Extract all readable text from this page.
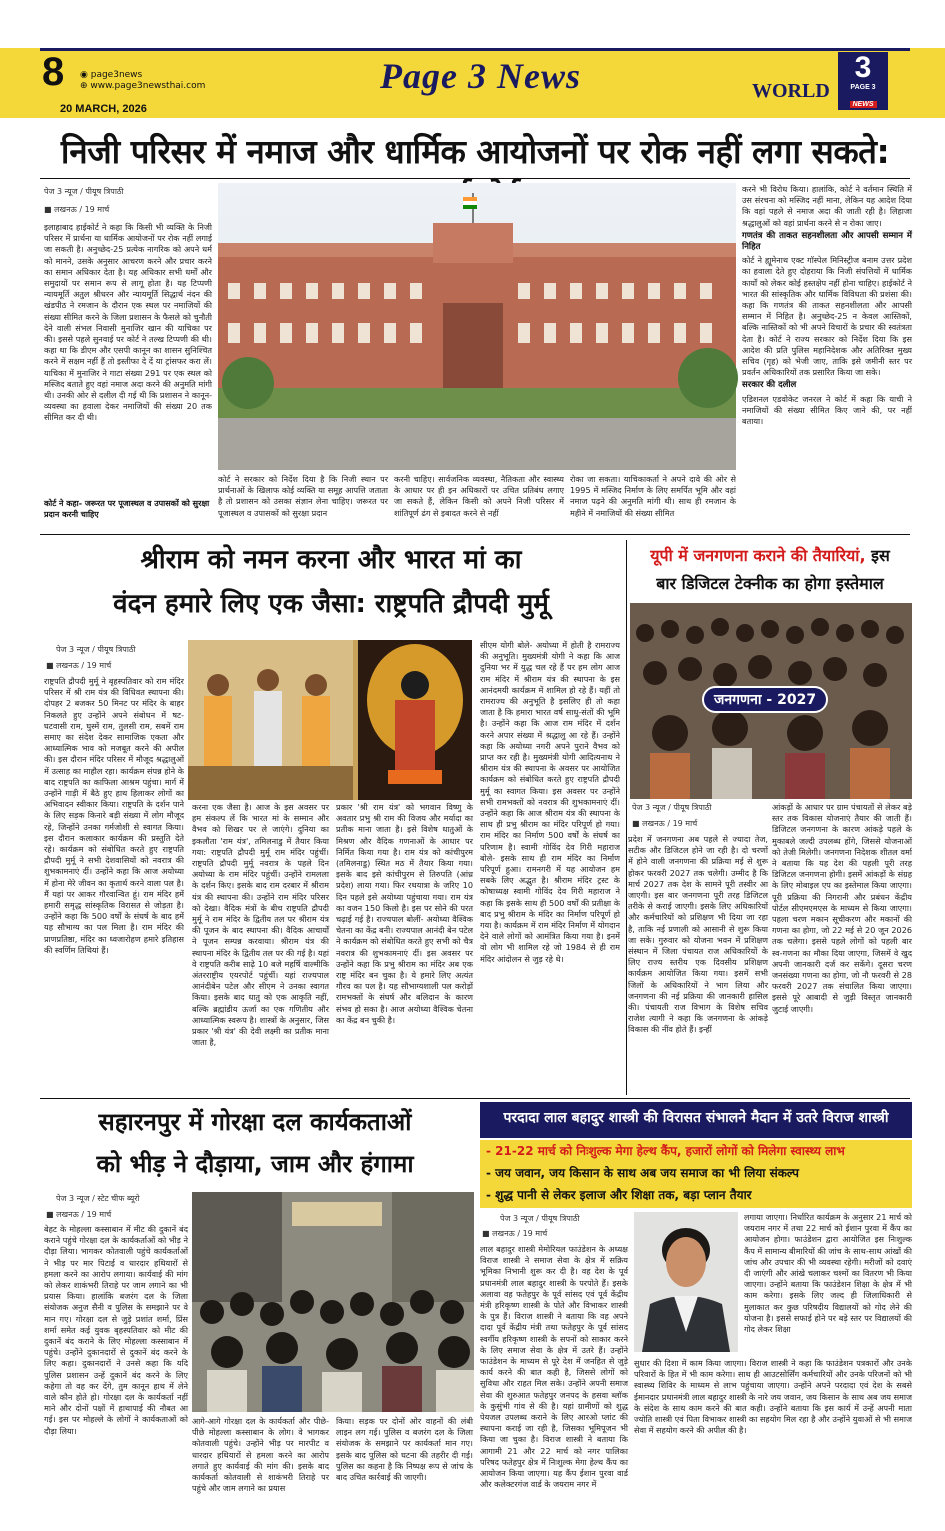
8 ◉ page3news
⊕ www.page3newsthai.com
20 MARCH, 2026
Page 3 News	WORLD
3
PAGE 3
NEWS
निजी परिसर में नमाज और धार्मिक आयोजनों पर रोक नहीं लगा सकते:
पेज 3 न्यूज / पीयूष त्रिपाठी
■ लखनऊ / 19 मार्च

इलाहाबाद हाईकोर्ट ने कहा कि किसी भी व्यक्ति के निजी परिसर में प्रार्थना या धार्मिक आयोजनों पर रोक नहीं लगाई जा सकती है। अनुच्छेद-25 प्रत्येक नागरिक को अपने धर्म को मानने, उसके अनुसार आचरण करने और प्रचार करने का समान अधिकार देता है। यह अधिकार सभी धर्मों और समुदायों पर समान रूप से लागू होता है। यह टिप्पणी न्यायमूर्ति अतुल श्रीधरन और न्यायमूर्ति सिद्धार्थ नंदन की खंडपीठ ने रमजान के दौरान एक स्थल पर नमाजियों की संख्या सीमित करने के जिला प्रशासन के फैसले को चुनौती देने वाली संभल निवासी मुनाजिर खान की याचिका पर की। इससे पहले सुनवाई पर कोर्ट ने तल्ख टिप्पणी की थी। कहा था कि डीएम और एसपी कानून का शासन सुनिश्चित करने में सक्षम नहीं हैं तो इस्तीफा दे दें या ट्रांसफर करा लें। याचिका में मुनाजिर ने गाटा संख्या 291 पर एक स्थल को मस्जिद बताते हुए वहां नमाज अदा करने की अनुमति मांगी थी। उनकी ओर से दलील दी गई थी कि प्रशासन ने कानून-व्यवस्था का हवाला देकर नमाजियों की संख्या 20 तक सीमित कर दी थी।

कोर्ट ने कहा- जरूरत पर पूजास्थल व उपासकों को सुरक्षा प्रदान करनी चाहिए

कोर्ट ने सरकार को निर्देश दिया है कि निजी स्थान पर प्रार्थनाओं के खिलाफ कोई व्यक्ति या समूह आपत्ति जताता है तो प्रशासन को उसका संज्ञान लेना चाहिए। जरूरत पर पूजास्थल व उपासकों को सुरक्षा प्रदान

करनी चाहिए। सार्वजनिक व्यवस्था, नैतिकता और स्वास्थ्य के आधार पर ही इन अधिकारों पर उचित प्रतिबंध लगाए जा सकते हैं, लेकिन किसी को अपने निजी परिसर में शांतिपूर्ण ढंग से इबादत करने से नहीं

रोका जा सकता। याचिकाकर्ता ने अपने दावे की ओर से 1995 में मस्जिद निर्माण के लिए समर्पित भूमि और वहां नमाज पढ़ने की अनुमति मांगी थी। साथ ही रमजान के महीने में नमाजियों की संख्या सीमित

करने भी विरोध किया। हालांकि, कोर्ट ने वर्तमान स्थिति में उस संरचना को मस्जिद नहीं माना, लेकिन यह आदेश दिया कि वहां पहले से नमाज अदा की जाती रही है। लिहाजा श्रद्धालुओं को वहां प्रार्थना करने से न रोका जाए।

गणतंत्र की ताकत सहनशीलता और आपसी सम्मान में निहित

कोर्ट ने ह्यूमेनाथ एक्ट गॉस्पेल मिनिस्ट्रीज बनाम उत्तर प्रदेश का हवाला देते हुए दोहराया कि निजी संपत्तियों में धार्मिक कार्यों को लेकर कोई हस्तक्षेप नहीं होना चाहिए। हाईकोर्ट ने भारत की सांस्कृतिक और धार्मिक विविधता की प्रशंसा की। कहा कि गणतंत्र की ताकत सहनशीलता और आपसी सम्मान में निहित है। अनुच्छेद-25 न केवल आस्तिकों, बल्कि नास्तिकों को भी अपने विचारों के प्रचार की स्वतंत्रता देता है। कोर्ट ने राज्य सरकार को निर्देश दिया कि इस आदेश की प्रति पुलिस महानिदेशक और अतिरिक्त मुख्य सचिव (गृह) को भेजी जाए, ताकि इसे जमीनी स्तर पर प्रवर्तन अधिकारियों तक प्रसारित किया जा सके।

सरकार की दलील

एडिशनल एडवोकेट जनरल ने कोर्ट में कहा कि याची ने नमाजियों की संख्या सीमित किए जाने की, पर नहीं बताया।

श्रीराम को नमन करना और भारत मां का
वंदन हमारे लिए एक जैसा: राष्ट्रपति द्रौपदी मुर्मू
पेज 3 न्यूज / पीयूष त्रिपाठी
■ लखनऊ / 19 मार्च

राष्ट्रपति द्रौपदी मुर्मू ने बृहस्पतिवार को राम मंदिर परिसर में श्री राम यंत्र की विधिवत स्थापना की। दोपहर 2 बजकर 50 मिनट पर मंदिर के बाहर निकलते हुए उन्होंने अपने संबोधन में षट-घटवासी राम, घुस्में राम, तुलसी राम, सबमें राम समाए का संदेश देकर सामाजिक एकता और आध्यात्मिक भाव को मजबूत करने की अपील की। इस दौरान मंदिर परिसर में मौजूद श्रद्धालुओं में उत्साह का माहौल रहा। कार्यक्रम संपन्न होने के बाद राष्ट्रपति का काफिला आश्रम पहुंचा। मार्ग में उन्होंने गाड़ी में बैठे हुए हाथ हिलाकर लोगों का अभिवादन स्वीकार किया। राष्ट्रपति के दर्शन पाने के लिए सड़क किनारे बड़ी संख्या में लोग मौजूद रहे, जिन्होंने उनका गर्मजोशी से स्वागत किया। इस दौरान कलाकार कार्यक्रम की प्रस्तुति देते रहे। कार्यक्रम को संबोधित करते हुए राष्ट्रपति द्रौपदी मुर्मू ने सभी देशवासियों को नवरात्र की शुभकामनाएं दीं। उन्होंने कहा कि आज अयोध्या में होना मेरे जीवन का कृतार्थ करने वाला पल है। मैं यहां पर आकर गौरवान्वित हूं। राम मंदिर हमें हमारी समृद्ध सांस्कृतिक विरासत से जोड़ता है। उन्होंने कहा कि 500 वर्षों के संघर्ष के बाद हमें यह सौभाग्य का पल मिला है। राम मंदिर की प्राणप्रतिष्ठा, मंदिर का ध्वजारोहण हमारे इतिहास की स्वर्णिम तिथियां हैं।

करना एक जैसा है। आज के इस अवसर पर हम संकल्प लें कि भारत मां के सम्मान और वैभव को शिखर पर ले जाएंगे। दुनिया का इकलौता 'राम यंत्र', तमिलनाडु में तैयार किया गया: राष्ट्रपति द्रौपदी मुर्मू राम मंदिर पहुंचीं। राष्ट्रपति द्रौपदी मुर्मू नवरात्र के पहले दिन अयोध्या के राम मंदिर पहुंचीं। उन्होंने रामलला के दर्शन किए। इसके बाद राम दरबार में श्रीराम यंत्र की स्थापना की। उन्होंने राम मंदिर परिसर को देखा। वैदिक मंत्रों के बीच राष्ट्रपति द्रौपदी मुर्मू ने राम मंदिर के द्वितीय तल पर श्रीराम यंत्र की पूजन के बाद स्थापना की। वैदिक आचार्यों ने पूजन सम्पन्न करवाया। श्रीराम यंत्र की स्थापना मंदिर के द्वितीय तल पर की गई है। यहां वे राष्ट्रपति करीब साढ़े 10 बजे महर्षि वाल्मीकि अंतरराष्ट्रीय एयरपोर्ट पहुंचीं। यहां राज्यपाल आनंदीबेन पटेल और सीएम ने उनका स्वागत किया। इसके बाद धातु को एक आकृति नहीं, बल्कि ब्रह्मांडीय ऊर्जा का एक गणितीय और आध्यात्मिक स्वरूप है। शास्त्रों के अनुसार, जिस प्रकार 'श्री यंत्र' की देवी लक्ष्मी का प्रतीक माना जाता है,

प्रकार 'श्री राम यंत्र' को भगवान विष्णु के अवतार प्रभु श्री राम की विजय और मर्यादा का प्रतीक माना जाता है। इसे विशेष धातुओं के मिश्रण और वैदिक गणनाओं के आधार पर निर्मित किया गया है। राम यंत्र को कांचीपुरम (तमिलनाडु) स्थित मठ में तैयार किया गया। इसके बाद इसे कांचीपुरम से तिरुपति (आंध्र प्रदेश) लाया गया। फिर रथयात्रा के जरिए 10 दिन पहले इसे अयोध्या पहुंचाया गया। राम यंत्र का वजन 150 किलो है। इस पर सोने की परत चढ़ाई गई है। राज्यपाल बोलीं- अयोध्या वैश्विक चेतना का केंद्र बनी। राज्यपाल आनंदी बेन पटेल ने कार्यक्रम को संबोधित करते हुए सभी को चैत्र नवरात्र की शुभकामनाएं दीं। इस अवसर पर उन्होंने कहा कि प्रभु श्रीराम का मंदिर अब एक राष्ट्र मंदिर बन चुका है। ये हमारे लिए अत्यंत गौरव का पल है। यह सौभाग्यशाली पल करोड़ों रामभक्तों के संघर्ष और बलिदान के कारण संभव हो सका है। आज अयोध्या वैश्विक चेतना का केंद्र बन चुकी है।

सीएम योगी बोले- अयोध्या में होती है रामराज्य की अनुभूति। मुख्यमंत्री योगी ने कहा कि आज दुनिया भर में युद्ध चल रहे हैं पर हम लोग आज राम मंदिर में श्रीराम यंत्र की स्थापना के इस आनंदमयी कार्यक्रम में शामिल हो रहे हैं। यहीं तो रामराज्य की अनुभूति है इसलिए ही तो कहा जाता है कि हमारा भारत वर्ष साधु-संतों की भूमि है। उन्होंने कहा कि आज राम मंदिर में दर्शन करने अपार संख्या में श्रद्धालु आ रहे हैं। उन्होंने कहा कि अयोध्या नगरी अपने पुराने वैभव को प्राप्त कर रही है। मुख्यमंत्री योगी आदित्यनाथ ने श्रीराम यंत्र की स्थापना के अवसर पर आयोजित कार्यक्रम को संबोधित करते हुए राष्ट्रपति द्रौपदी मुर्मू का स्वागत किया। इस अवसर पर उन्होंने सभी रामभक्तों को नवरात्र की शुभकामनाएं दीं। उन्होंने कहा कि आज श्रीराम यंत्र की स्थापना के साथ ही प्रभु श्रीराम का मंदिर परिपूर्ण हो गया। राम मंदिर का निर्माण 500 वर्षों के संघर्ष का परिणाम है। स्वामी गोविंद देव गिरी महाराज बोले- इसके साथ ही राम मंदिर का निर्माण परिपूर्ण हुआ। रामनगरी में यह आयोजन हम सबके लिए अद्भुत है। श्रीराम मंदिर ट्रस्ट के कोषाध्यक्ष स्वामी गोविंद देव गिरी महाराज ने कहा कि इसके साथ ही 500 वर्षों की प्रतीक्षा के बाद प्रभु श्रीराम के मंदिर का निर्माण परिपूर्ण हो गया है। कार्यक्रम में राम मंदिर निर्माण में योगदान देने वाले लोगों को आमंत्रित किया गया है। इनमें वो लोग भी शामिल रहे जो 1984 से ही राम मंदिर आंदोलन से जुड़ रहे थे।

यूपी में जनगणना कराने की तैयारियां, इस
बार डिजिटल टेक्नीक का होगा इस्तेमाल
जनगणना - 2027
पेज 3 न्यूज / पीयूष त्रिपाठी
■ लखनऊ / 19 मार्च

प्रदेश में जनगणना अब पहले से ज्यादा तेज, सटीक और डिजिटल होने जा रही है। दो चरणों में होने वाली जनगणना की प्रक्रिया मई से शुरू होकर फरवरी 2027 तक चलेगी। उम्मीद है कि मार्च 2027 तक देश के सामने पूरी तस्वीर आ जाएगी। इस बार जनगणना पूरी तरह डिजिटल तरीके से कराई जाएगी। इसके लिए अधिकारियों और कर्मचारियों को प्रशिक्षण भी दिया जा रहा है, ताकि नई प्रणाली को आसानी से शुरू किया जा सके। गुरुवार को योजना भवन में प्रशिक्षण संस्थान में जिला पंचायत राज अधिकारियों के लिए राज्य स्तरीय एक दिवसीय प्रशिक्षण कार्यक्रम आयोजित किया गया। इसमें सभी जिलों के अधिकारियों ने भाग लिया और जनगणना की नई प्रक्रिया की जानकारी हासिल की। पंचायती राज विभाग के विशेष सचिव राजेश त्यागी ने कहा कि जनगणना के आंकड़े विकास की नींव होते हैं। इन्हीं

आंकड़ों के आधार पर ग्राम पंचायतों से लेकर बड़े स्तर तक विकास योजनाएं तैयार की जाती हैं। डिजिटल जनगणना के कारण आंकड़े पहले के मुकाबले जल्दी उपलब्ध होंगे, जिससे योजनाओं को तेजी मिलेगी। जनगणना निदेशक शीतल वर्मा ने बताया कि यह देश की पहली पूरी तरह डिजिटल जनगणना होगी। इसमें आंकड़ों के संग्रह के लिए मोबाइल एप का इस्तेमाल किया जाएगा। पूरी प्रक्रिया की निगरानी और प्रबंधन केंद्रीय पोर्टल सीएमएमएस के माध्यम से किया जाएगा। पहला चरण मकान सूचीकरण और मकानों की गणना का होगा, जो 22 मई से 20 जून 2026 तक चलेगा। इससे पहले लोगों को पहली बार स्व-गणना का मौका दिया जाएगा, जिसमें वे खुद अपनी जानकारी दर्ज कर सकेंगे। दूसरा चरण जनसंख्या गणना का होगा, जो नौ फरवरी से 28 फरवरी 2027 तक संचालित किया जाएगा। इससे पूरे आबादी से जुड़ी विस्तृत जानकारी जुटाई जाएगी।

सहारनपुर में गोरक्षा दल कार्यकताओं
को भीड़ ने दौड़ाया, जाम और हंगामा
पेज 3 न्यूज / स्टेट चीफ ब्यूरो
■ लखनऊ / 19 मार्च

बेहट के मोहल्ला कस्साबान में मीट की दुकानें बंद कराने पहुंचे गोरक्षा दल के कार्यकर्ताओं को भीड़ ने दौड़ा लिया। भागकर कोतवाली पहुंचे कार्यकर्ताओं ने भीड़ पर मार पिटाई व धारदार हथियारों से हमला करने का आरोप लगाया। कार्यवाई की मांग को लेकर शाकंभरी तिराहे पर जाम लगाने का भी प्रयास किया। हालांकि बजरंग दल के जिला संयोजक अनुज सैनी व पुलिस के समझाने पर वे मान गए। गोरक्षा दल से जुड़े प्रशांत शर्मा, प्रिंस शर्मा समेत कई युवक बृहस्पतिवार को मीट की दुकानें बंद कराने के लिए मोहल्ला कस्साबान में पहुंचे। उन्होंने दुकानदारों से दुकानें बंद करने के लिए कहा। दुकानदारों ने उनसे कहा कि यदि पुलिस प्रशासन उन्हें दुकानें बंद करने के लिए कहेगा तो वह कर देंगे, तुम कानून हाथ में लेने वाले कौन होते हो। गोरक्षा दल के कार्यकर्ता नहीं माने और दोनों पक्षों में हाथापाई की नौबत आ गई। इस पर मोहल्ले के लोगों ने कार्यकताओं को दौड़ा लिया।

आगे-आगे गोरक्षा दल के कार्यकर्ता और पीछे-पीछे मोहल्ला कस्साबान के लोग। वे भागकर कोतवाली पहुंचे। उन्होंने भीड़ पर मारपीट व धारदार हथियारों से हमला करने का आरोप लगाते हुए कार्यवाई की मांग की। इसके बाद कार्यकर्ता कोतवाली से शाकंभरी तिराहे पर पहुंचे और जाम लगाने का प्रयास

किया। सड़क पर दोनों ओर वाहनों की लंबी लाइन लग गई। पुलिस व बजरंग दल के जिला संयोजक के समझाने पर कार्यकर्ता मान गए। इसके बाद पुलिस को घटना की तहरीर दी गई। पुलिस का कहना है कि निष्पक्ष रूप से जांच के बाद उचित कार्रवाई की जाएगी।

परदादा लाल बहादुर शास्त्री की विरासत संभालने मैदान में उतरे विराज शास्त्री
- 21-22 मार्च को निःशुल्क मेगा हेल्थ कैंप, हजारों लोगों को मिलेगा स्वास्थ्य लाभ
- जय जवान, जय किसान के साथ अब जय समाज का भी लिया संकल्प
- शुद्ध पानी से लेकर इलाज और शिक्षा तक, बड़ा प्लान तैयार
पेज 3 न्यूज / पीयूष त्रिपाठी
■ लखनऊ / 19 मार्च

लाल बहादुर शास्त्री मेमोरियल फाउंडेशन के अध्यक्ष विराज शास्त्री ने समाज सेवा के क्षेत्र में सक्रिय भूमिका निभानी शुरू कर दी है। वह देश के पूर्व प्रधानमंत्री लाल बहादुर शास्त्री के परपोते हैं। इसके अलावा वह फतेहपुर के पूर्व सांसद एवं पूर्व केंद्रीय मंत्री हरिकृष्ण शास्त्री के पोते और विभाकर शास्त्री के पुत्र हैं। विराज शास्त्री ने बताया कि वह अपने दादा पूर्व केंद्रीय मंत्री तथा फतेहपुर के पूर्व सांसद स्वर्गीय हरिकृष्ण शास्त्री के सपनों को साकार करने के लिए समाज सेवा के क्षेत्र में उतरे हैं। उन्होंने फाउंडेशन के माध्यम से पूरे देश में जनहित से जुड़े कार्य करने की बात कही है, जिससे लोगों को सुविधा और राहत मिल सके। उन्होंने अपनी समाज सेवा की शुरुआत फतेहपुर जनपद के हसवा ब्लॉक के कुसुंभी गांव से की है। यहां ग्रामीणों को शुद्ध पेयजल उपलब्ध कराने के लिए आरओ प्लांट की स्थापना कराई जा रही है, जिसका भूमिपूजन भी किया जा चुका है। विराज शास्त्री ने बताया कि आगामी 21 और 22 मार्च को नगर पालिका परिषद फतेहपुर क्षेत्र में निःशुल्क मेगा हेल्थ कैंप का आयोजन किया जाएगा। यह कैंप ईशान पुरवा वार्ड और कलेक्टरगंज वार्ड के जयराम नगर में

लगाया जाएगा। निर्धारित कार्यक्रम के अनुसार 21 मार्च को जयराम नगर में तथा 22 मार्च को ईशान पुरवा में कैंप का आयोजन होगा। फाउंडेशन द्वारा आयोजित इस निःशुल्क कैंप में सामान्य बीमारियों की जांच के साथ-साथ आंखों की जांच और उपचार की भी व्यवस्था रहेगी। मरीजों को दवाएं दी जाएंगी और आंखे चलाकर चश्मों का वितरण भी किया जाएगा। उन्होंने बताया कि फाउंडेशन शिक्षा के क्षेत्र में भी काम करेगा। इसके लिए जल्द ही जिलाधिकारी से मुलाकात कर कुछ परिषदीय विद्यालयों को गोद लेने की योजना है। इससे सफाई होने पर बड़े स्तर पर विद्यालयों की गोद लेकर शिक्षा

सुधार की दिशा में काम किया जाएगा। विराज शास्त्री ने कहा कि फाउंडेशन पत्रकारों और उनके परिवारों के हित में भी काम करेगा। साथ ही आउटसोर्सिंग कर्मचारियों और उनके परिजनों को भी स्वास्थ्य शिविर के माध्यम से लाभ पहुंचाया जाएगा। उन्होंने अपने परदादा एवं देश के सबसे ईमानदार प्रधानमंत्री लाल बहादुर शास्त्री के नारे जय जवान, जय किसान के साथ अब जय समाज के संदेश के साथ काम करने की बात कही। उन्होंने बताया कि इस कार्य में उन्हें अपनी माता ज्योति शास्त्री एवं पिता विभाकर शास्त्री का सहयोग मिल रहा है और उन्होंने युवाओं से भी समाज सेवा में सहयोग करने की अपील की है।
